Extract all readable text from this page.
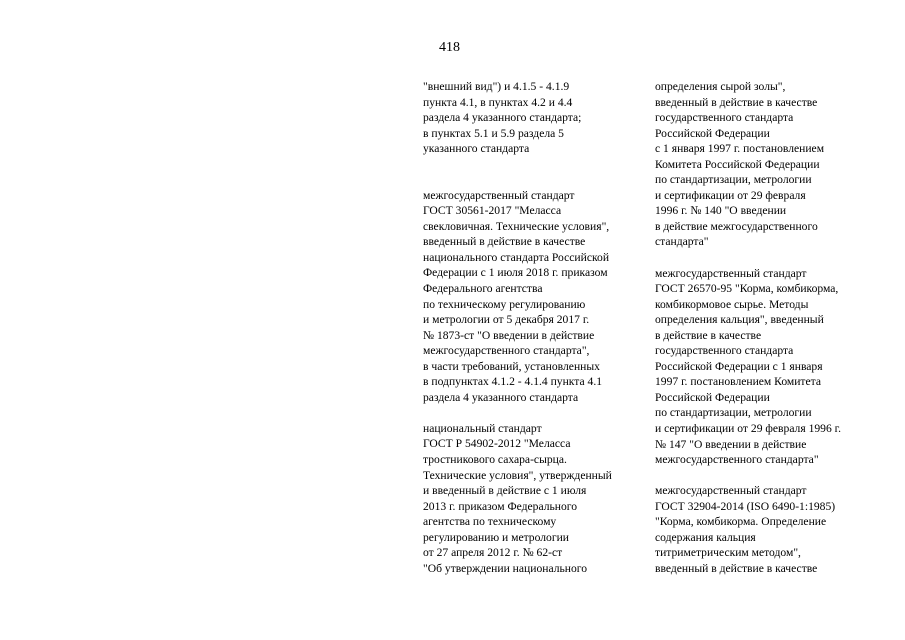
418
"внешний вид") и 4.1.5 - 4.1.9
пункта 4.1, в пунктах 4.2 и 4.4
раздела 4 указанного стандарта;
в пунктах 5.1 и 5.9 раздела 5
указанного стандарта
межгосударственный стандарт
ГОСТ 30561-2017 "Меласса
свекловичная. Технические условия",
введенный в действие в качестве
национального стандарта Российской
Федерации с 1 июля 2018 г. приказом
Федерального агентства
по техническому регулированию
и метрологии от 5 декабря 2017 г.
№ 1873-ст "О введении в действие
межгосударственного стандарта",
в части требований, установленных
в подпунктах 4.1.2 - 4.1.4 пункта 4.1
раздела 4 указанного стандарта
национальный стандарт
ГОСТ Р 54902-2012 "Меласса
тростникового сахара-сырца.
Технические условия", утвержденный
и введенный в действие с 1 июля
2013 г. приказом Федерального
агентства по техническому
регулированию и метрологии
от 27 апреля 2012 г. № 62-ст
"Об утверждении национального
определения сырой золы",
введенный в действие в качестве
государственного стандарта
Российской Федерации
с 1 января 1997 г. постановлением
Комитета Российской Федерации
по стандартизации, метрологии
и сертификации от 29 февраля
1996 г. № 140 "О введении
в действие межгосударственного
стандарта"
межгосударственный стандарт
ГОСТ 26570-95 "Корма, комбикорма,
комбикормовое сырье. Методы
определения кальция", введенный
в действие в качестве
государственного стандарта
Российской Федерации с 1 января
1997 г. постановлением Комитета
Российской Федерации
по стандартизации, метрологии
и сертификации от 29 февраля 1996 г.
№ 147 "О введении в действие
межгосударственного стандарта"
межгосударственный стандарт
ГОСТ 32904-2014 (ISO 6490-1:1985)
"Корма, комбикорма. Определение
содержания кальция
титриметрическим методом",
введенный в действие в качестве
